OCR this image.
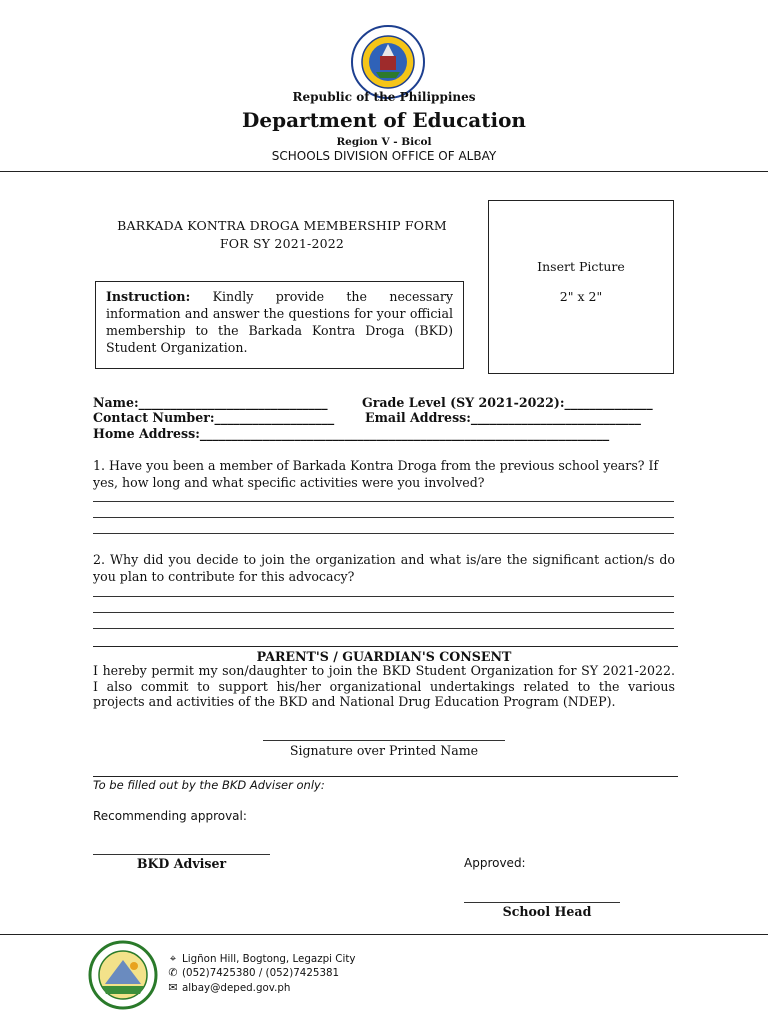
Republic of the Philippines
Department of Education
Region V - Bicol
SCHOOLS DIVISION OFFICE OF ALBAY
BARKADA KONTRA DROGA MEMBERSHIP FORM
FOR SY 2021-2022
Insert Picture
2" x 2"
Instruction: Kindly provide the necessary information and answer the questions for your official membership to the Barkada Kontra Droga (BKD) Student Organization.
Name:______________________________	Grade Level (SY 2021-2022):______________
Contact Number:___________________ Email Address:___________________________
Home Address:_________________________________________________________________
1. Have you been a member of Barkada Kontra Droga from the previous school years? If yes, how long and what specific activities were you involved?
2. Why did you decide to join the organization and what is/are the significant action/s do you plan to contribute for this advocacy?
PARENT'S / GUARDIAN'S CONSENT
I hereby permit my son/daughter to join the BKD Student Organization for SY 2021-2022. I also commit to support his/her organizational undertakings related to the various projects and activities of the BKD and National Drug Education Program (NDEP).
Signature over Printed Name
To be filled out by the BKD Adviser only:
Recommending approval:
BKD Adviser	Approved:
School Head
⌖ Ligñon Hill, Bogtong, Legazpi City
✆ (052)7425380 / (052)7425381
✉ albay@deped.gov.ph
